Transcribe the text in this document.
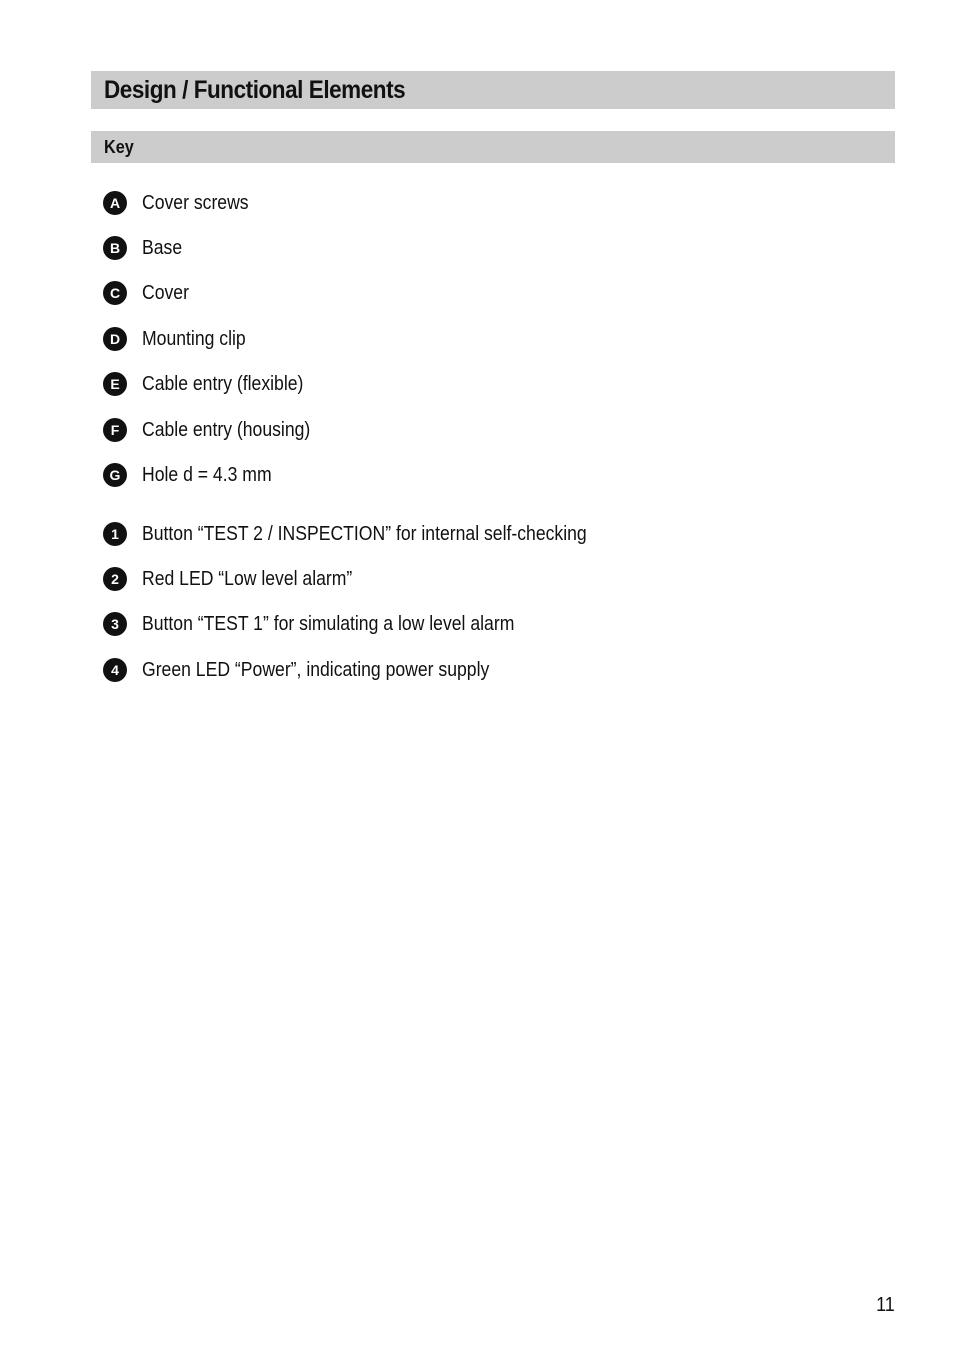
Design / Functional Elements
Key
A	Cover screws
B	Base
C	Cover
D	Mounting clip
E	Cable entry (flexible)
F	Cable entry (housing)
G	Hole d = 4.3 mm
1	Button “TEST 2 / INSPECTION” for internal self-checking
2	Red LED “Low level alarm”
3	Button “TEST 1” for simulating a low level alarm
4	Green LED “Power”, indicating power supply
11
